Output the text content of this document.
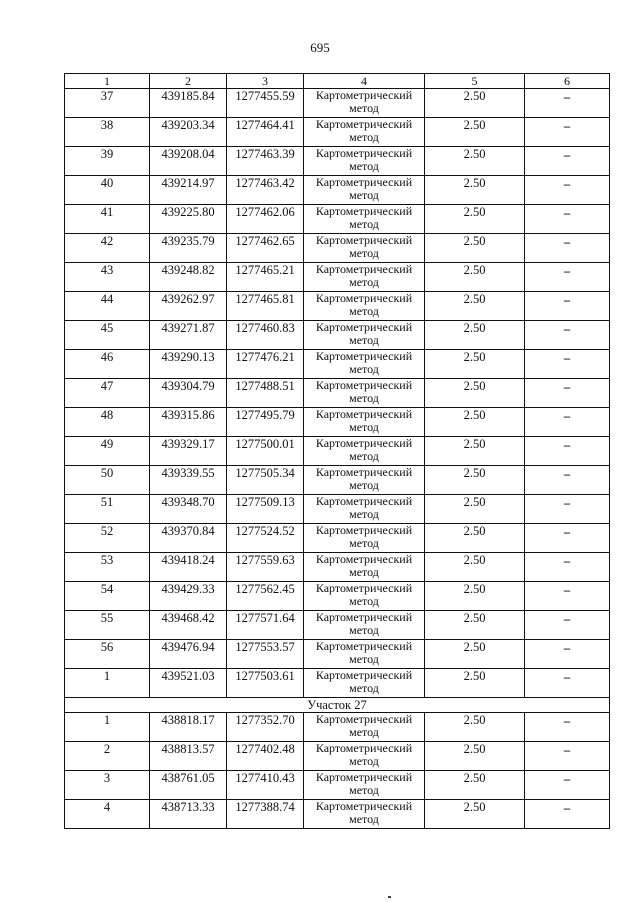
695
1	2	3	4	5	6
37	439185.84	1277455.59	Картометрический метод	2.50	–
38	439203.34	1277464.41	Картометрический метод	2.50	–
39	439208.04	1277463.39	Картометрический метод	2.50	–
40	439214.97	1277463.42	Картометрический метод	2.50	–
41	439225.80	1277462.06	Картометрический метод	2.50	–
42	439235.79	1277462.65	Картометрический метод	2.50	–
43	439248.82	1277465.21	Картометрический метод	2.50	–
44	439262.97	1277465.81	Картометрический метод	2.50	–
45	439271.87	1277460.83	Картометрический метод	2.50	–
46	439290.13	1277476.21	Картометрический метод	2.50	–
47	439304.79	1277488.51	Картометрический метод	2.50	–
48	439315.86	1277495.79	Картометрический метод	2.50	–
49	439329.17	1277500.01	Картометрический метод	2.50	–
50	439339.55	1277505.34	Картометрический метод	2.50	–
51	439348.70	1277509.13	Картометрический метод	2.50	–
52	439370.84	1277524.52	Картометрический метод	2.50	–
53	439418.24	1277559.63	Картометрический метод	2.50	–
54	439429.33	1277562.45	Картометрический метод	2.50	–
55	439468.42	1277571.64	Картометрический метод	2.50	–
56	439476.94	1277553.57	Картометрический метод	2.50	–
1	439521.03	1277503.61	Картометрический метод	2.50	–
Участок 27					
1	438818.17	1277352.70	Картометрический метод	2.50	–
2	438813.57	1277402.48	Картометрический метод	2.50	–
3	438761.05	1277410.43	Картометрический метод	2.50	–
4	438713.33	1277388.74	Картометрический метод	2.50	–
